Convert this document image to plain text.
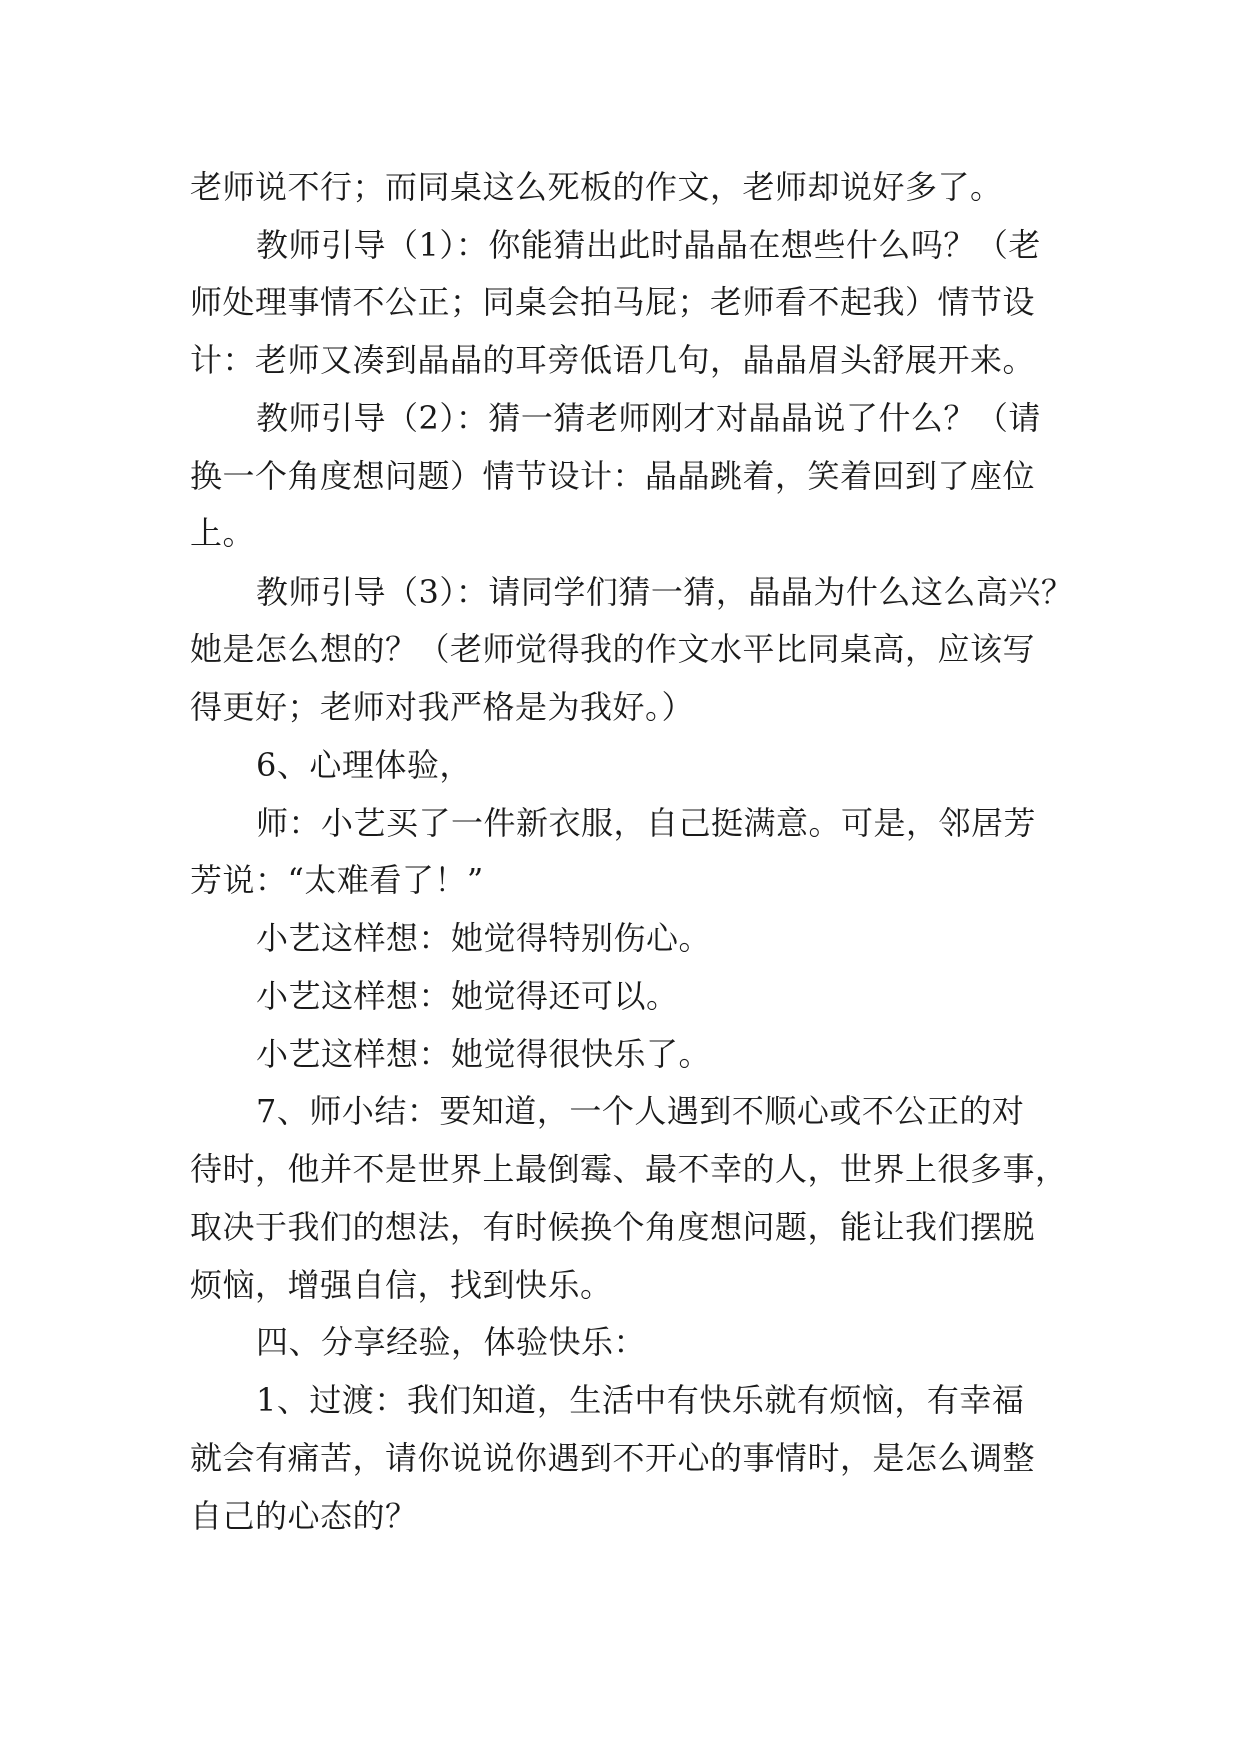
老师说不行；而同桌这么死板的作文，老师却说好多了。
教师引导（1）：你能猜出此时晶晶在想些什么吗？（老
师处理事情不公正；同桌会拍马屁；老师看不起我）情节设
计：老师又凑到晶晶的耳旁低语几句，晶晶眉头舒展开来。
教师引导（2）：猜一猜老师刚才对晶晶说了什么？（请
换一个角度想问题）情节设计：晶晶跳着，笑着回到了座位
上。
教师引导（3）：请同学们猜一猜，晶晶为什么这么高兴？
她是怎么想的？（老师觉得我的作文水平比同桌高，应该写
得更好；老师对我严格是为我好。）
6、心理体验，
师：小艺买了一件新衣服，自己挺满意。可是，邻居芳
芳说：“太难看了！”
小艺这样想：她觉得特别伤心。
小艺这样想：她觉得还可以。
小艺这样想：她觉得很快乐了。
7、师小结：要知道，一个人遇到不顺心或不公正的对
待时，他并不是世界上最倒霉、最不幸的人，世界上很多事，
取决于我们的想法，有时候换个角度想问题，能让我们摆脱
烦恼，增强自信，找到快乐。
四、分享经验，体验快乐：
1、过渡：我们知道，生活中有快乐就有烦恼，有幸福
就会有痛苦，请你说说你遇到不开心的事情时，是怎么调整
自己的心态的？
